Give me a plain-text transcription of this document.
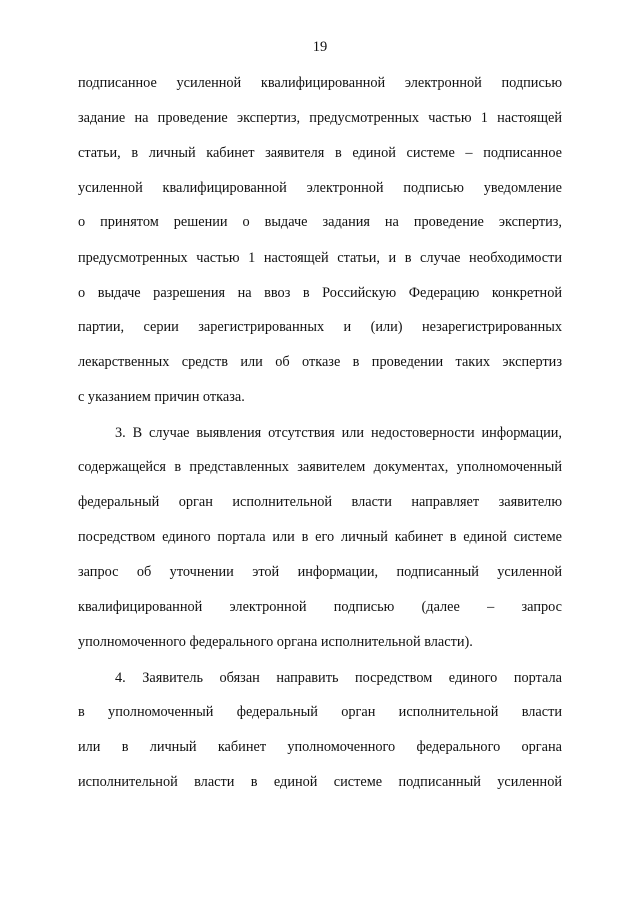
19
подписанное усиленной квалифицированной электронной подписью
задание на проведение экспертиз, предусмотренных частью 1 настоящей
статьи, в личный кабинет заявителя в единой системе – подписанное
усиленной квалифицированной электронной подписью уведомление
о принятом решении о выдаче задания на проведение экспертиз,
предусмотренных частью 1 настоящей статьи, и в случае необходимости
о выдаче разрешения на ввоз в Российскую Федерацию конкретной
партии, серии зарегистрированных и (или) незарегистрированных
лекарственных средств или об отказе в проведении таких экспертиз
с указанием причин отказа.
3. В случае выявления отсутствия или недостоверности информации,
содержащейся в представленных заявителем документах, уполномоченный
федеральный орган исполнительной власти направляет заявителю
посредством единого портала или в его личный кабинет в единой системе
запрос об уточнении этой информации, подписанный усиленной
квалифицированной электронной подписью (далее – запрос
уполномоченного федерального органа исполнительной власти).
4. Заявитель обязан направить посредством единого портала
в уполномоченный федеральный орган исполнительной власти
или в личный кабинет уполномоченного федерального органа
исполнительной власти в единой системе подписанный усиленной
